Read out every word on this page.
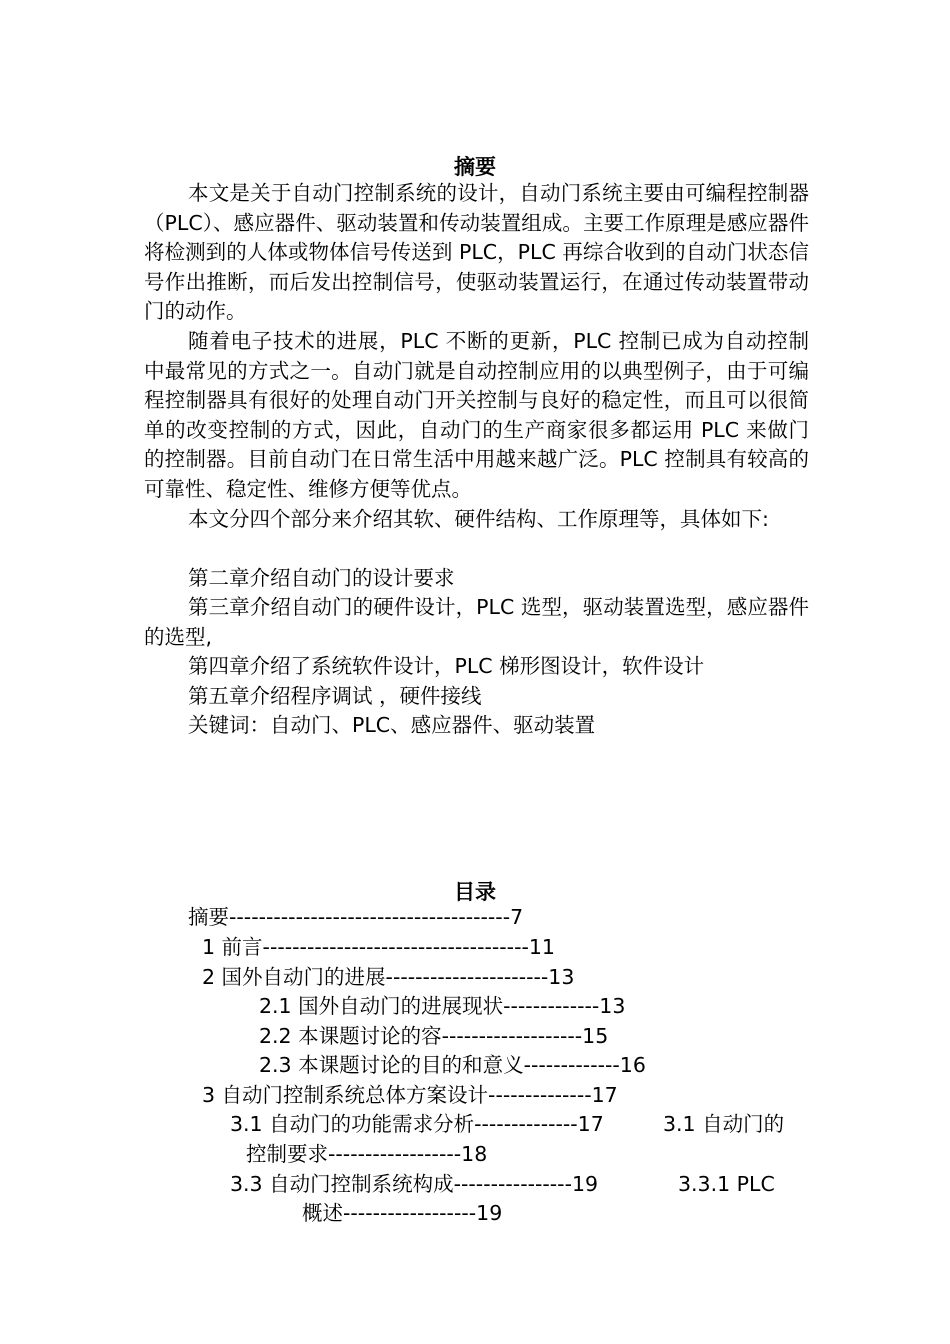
摘要

本文是关于自动门控制系统的设计，自动门系统主要由可编程控制器（PLC）、感应器件、驱动装置和传动装置组成。主要工作原理是感应器件将检测到的人体或物体信号传送到 PLC，PLC 再综合收到的自动门状态信号作出推断，而后发出控制信号，使驱动装置运行，在通过传动装置带动门的动作。

随着电子技术的进展，PLC 不断的更新，PLC 控制已成为自动控制中最常见的方式之一。自动门就是自动控制应用的以典型例子，由于可编程控制器具有很好的处理自动门开关控制与良好的稳定性，而且可以很简单的改变控制的方式，因此，自动门的生产商家很多都运用 PLC 来做门的控制器。目前自动门在日常生活中用越来越广泛。PLC 控制具有较高的可靠性、稳定性、维修方便等优点。

本文分四个部分来介绍其软、硬件结构、工作原理等，具体如下:

第二章介绍自动门的设计要求

第三章介绍自动门的硬件设计，PLC 选型，驱动装置选型，感应器件的选型,

第四章介绍了系统软件设计，PLC 梯形图设计，软件设计

第五章介绍程序调试 ，硬件接线

关键词：自动门、PLC、感应器件、驱动装置

目录
摘要--------------------------------------7
1 前言------------------------------------11
2 国外自动门的进展----------------------13
2.1 国外自动门的进展现状-------------13
2.2 本课题讨论的容-------------------15
2.3 本课题讨论的目的和意义-------------16
3 自动门控制系统总体方案设计--------------17
3.1 自动门的功能需求分析--------------17	3.1 自动门的
控制要求------------------18
3.3 自动门控制系统构成----------------19	3.3.1 PLC
概述------------------19
